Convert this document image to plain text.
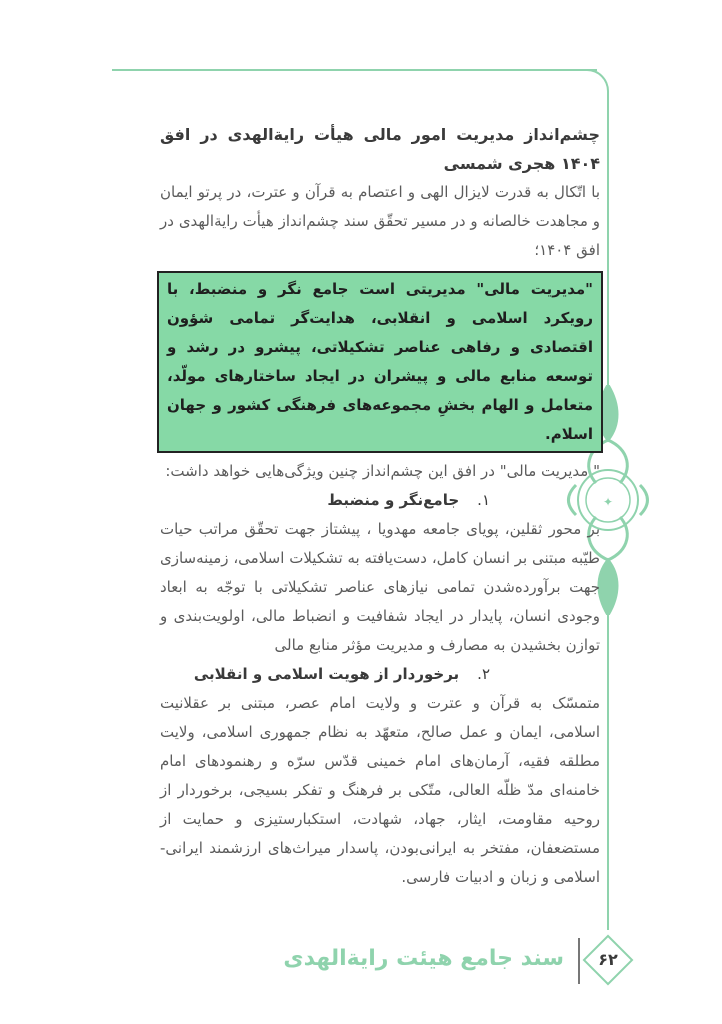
✦

چشم‌انداز مدیریت امور مالی هیأت رایة‌الهدی در افق ۱۴۰۴ هجری شمسی

با اتّکال به قدرت لایزال الهی و اعتصام به قرآن و عترت، در پرتو ایمان و مجاهدت خالصانه و در مسیر تحقّق سند چشم‌انداز هیأت رایة‌الهدی در افق ۱۴۰۴؛

"مدیریت مالی" مدیریتی است جامع نگر و منضبط، با رویکرد اسلامی و انقلابی، هدایت‌گر تمامی شؤون اقتصادی و رفاهی عناصر تشکیلاتی، پیشرو در رشد و توسعه منابع مالی و پیشران در ایجاد ساختارهای مولّد، متعامل و الهام بخشِ مجموعه‌های فرهنگی کشور و جهان اسلام.

" مدیریت مالی" در افق این چشم‌انداز چنین ویژگی‌هایی خواهد داشت:

۱.جامع‌نگر و منضبط

بر محور ثقلین، پویای جامعه مهدویا ، پیشتاز جهت تحقّق مراتب حیات طیّبه مبتنی بر انسان کامل، دست‌یافته به تشکیلات اسلامی، زمینه‌سازی جهت برآورده‌شدن تمامی نیازهای عناصر تشکیلاتی با توجّه به ابعاد وجودی انسان، پایدار در ایجاد شفافیت و انضباط مالی، اولویت‌بندی و توازن بخشیدن به مصارف و مدیریت مؤثر منابع مالی

۲.برخوردار از هویت اسلامی و انقلابی

متمسّک به قرآن و عترت و ولایت امام عصر، مبتنی بر عقلانیت اسلامی، ایمان و عمل صالح، متعهّد به نظام جمهوری اسلامی، ولایت مطلقه فقیه، آرمان‌های امام خمینی قدّس سرّه و رهنمودهای امام خامنه‌ای مدّ ظلّه العالی، متّکی بر فرهنگ و تفکر بسیجی، برخوردار از روحیه مقاومت، ایثار، جهاد، شهادت، استکبارستیزی و حمایت از مستضعفان، مفتخر به ایرانی‌بودن، پاسدار میراث‌های ارزشمند ایرانی-اسلامی و زبان و ادبیات فارسی.

سند جامع هیئت رایة‌الهدی	۶۲
